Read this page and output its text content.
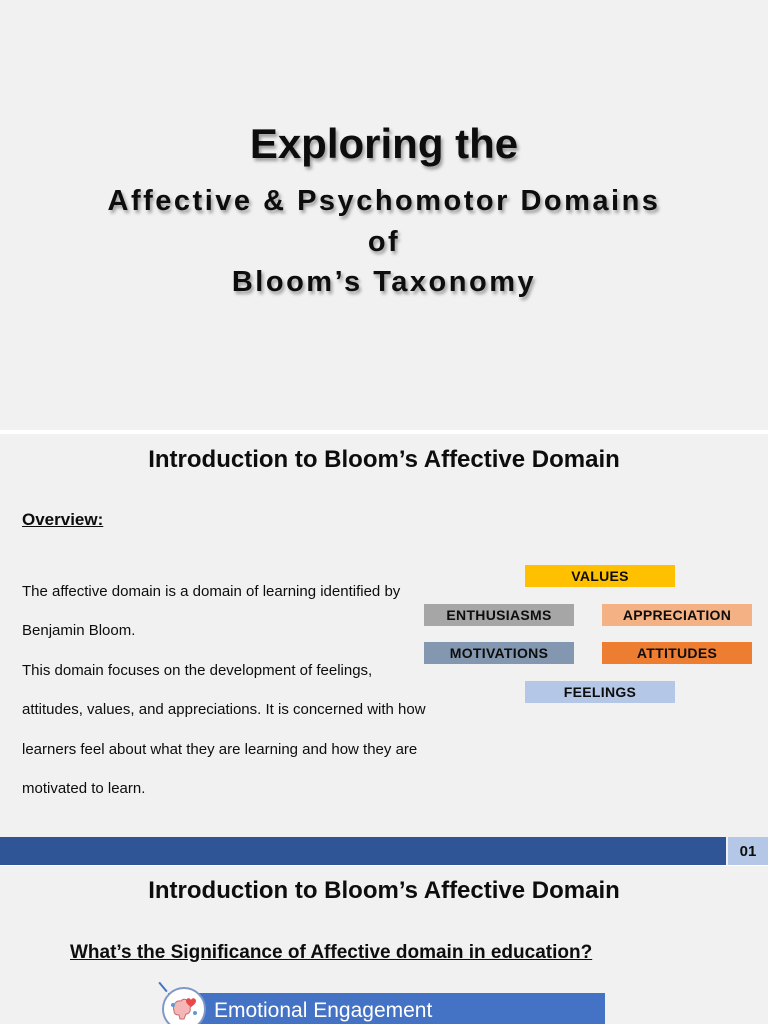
Exploring the
Affective & Psychomotor Domains
of
Bloom’s Taxonomy
Introduction to Bloom’s Affective Domain
Overview:

The affective domain is a domain of learning identified by Benjamin Bloom.

This domain focuses on the development of feelings, attitudes, values, and appreciations. It is concerned with how learners feel about what they are learning and how they are motivated to learn.

VALUES
ENTHUSIASMS	APPRECIATION
MOTIVATIONS	ATTITUDES
FEELINGS
01
Introduction to Bloom’s Affective Domain
What’s the Significance of Affective domain in education?
Emotional Engagement
